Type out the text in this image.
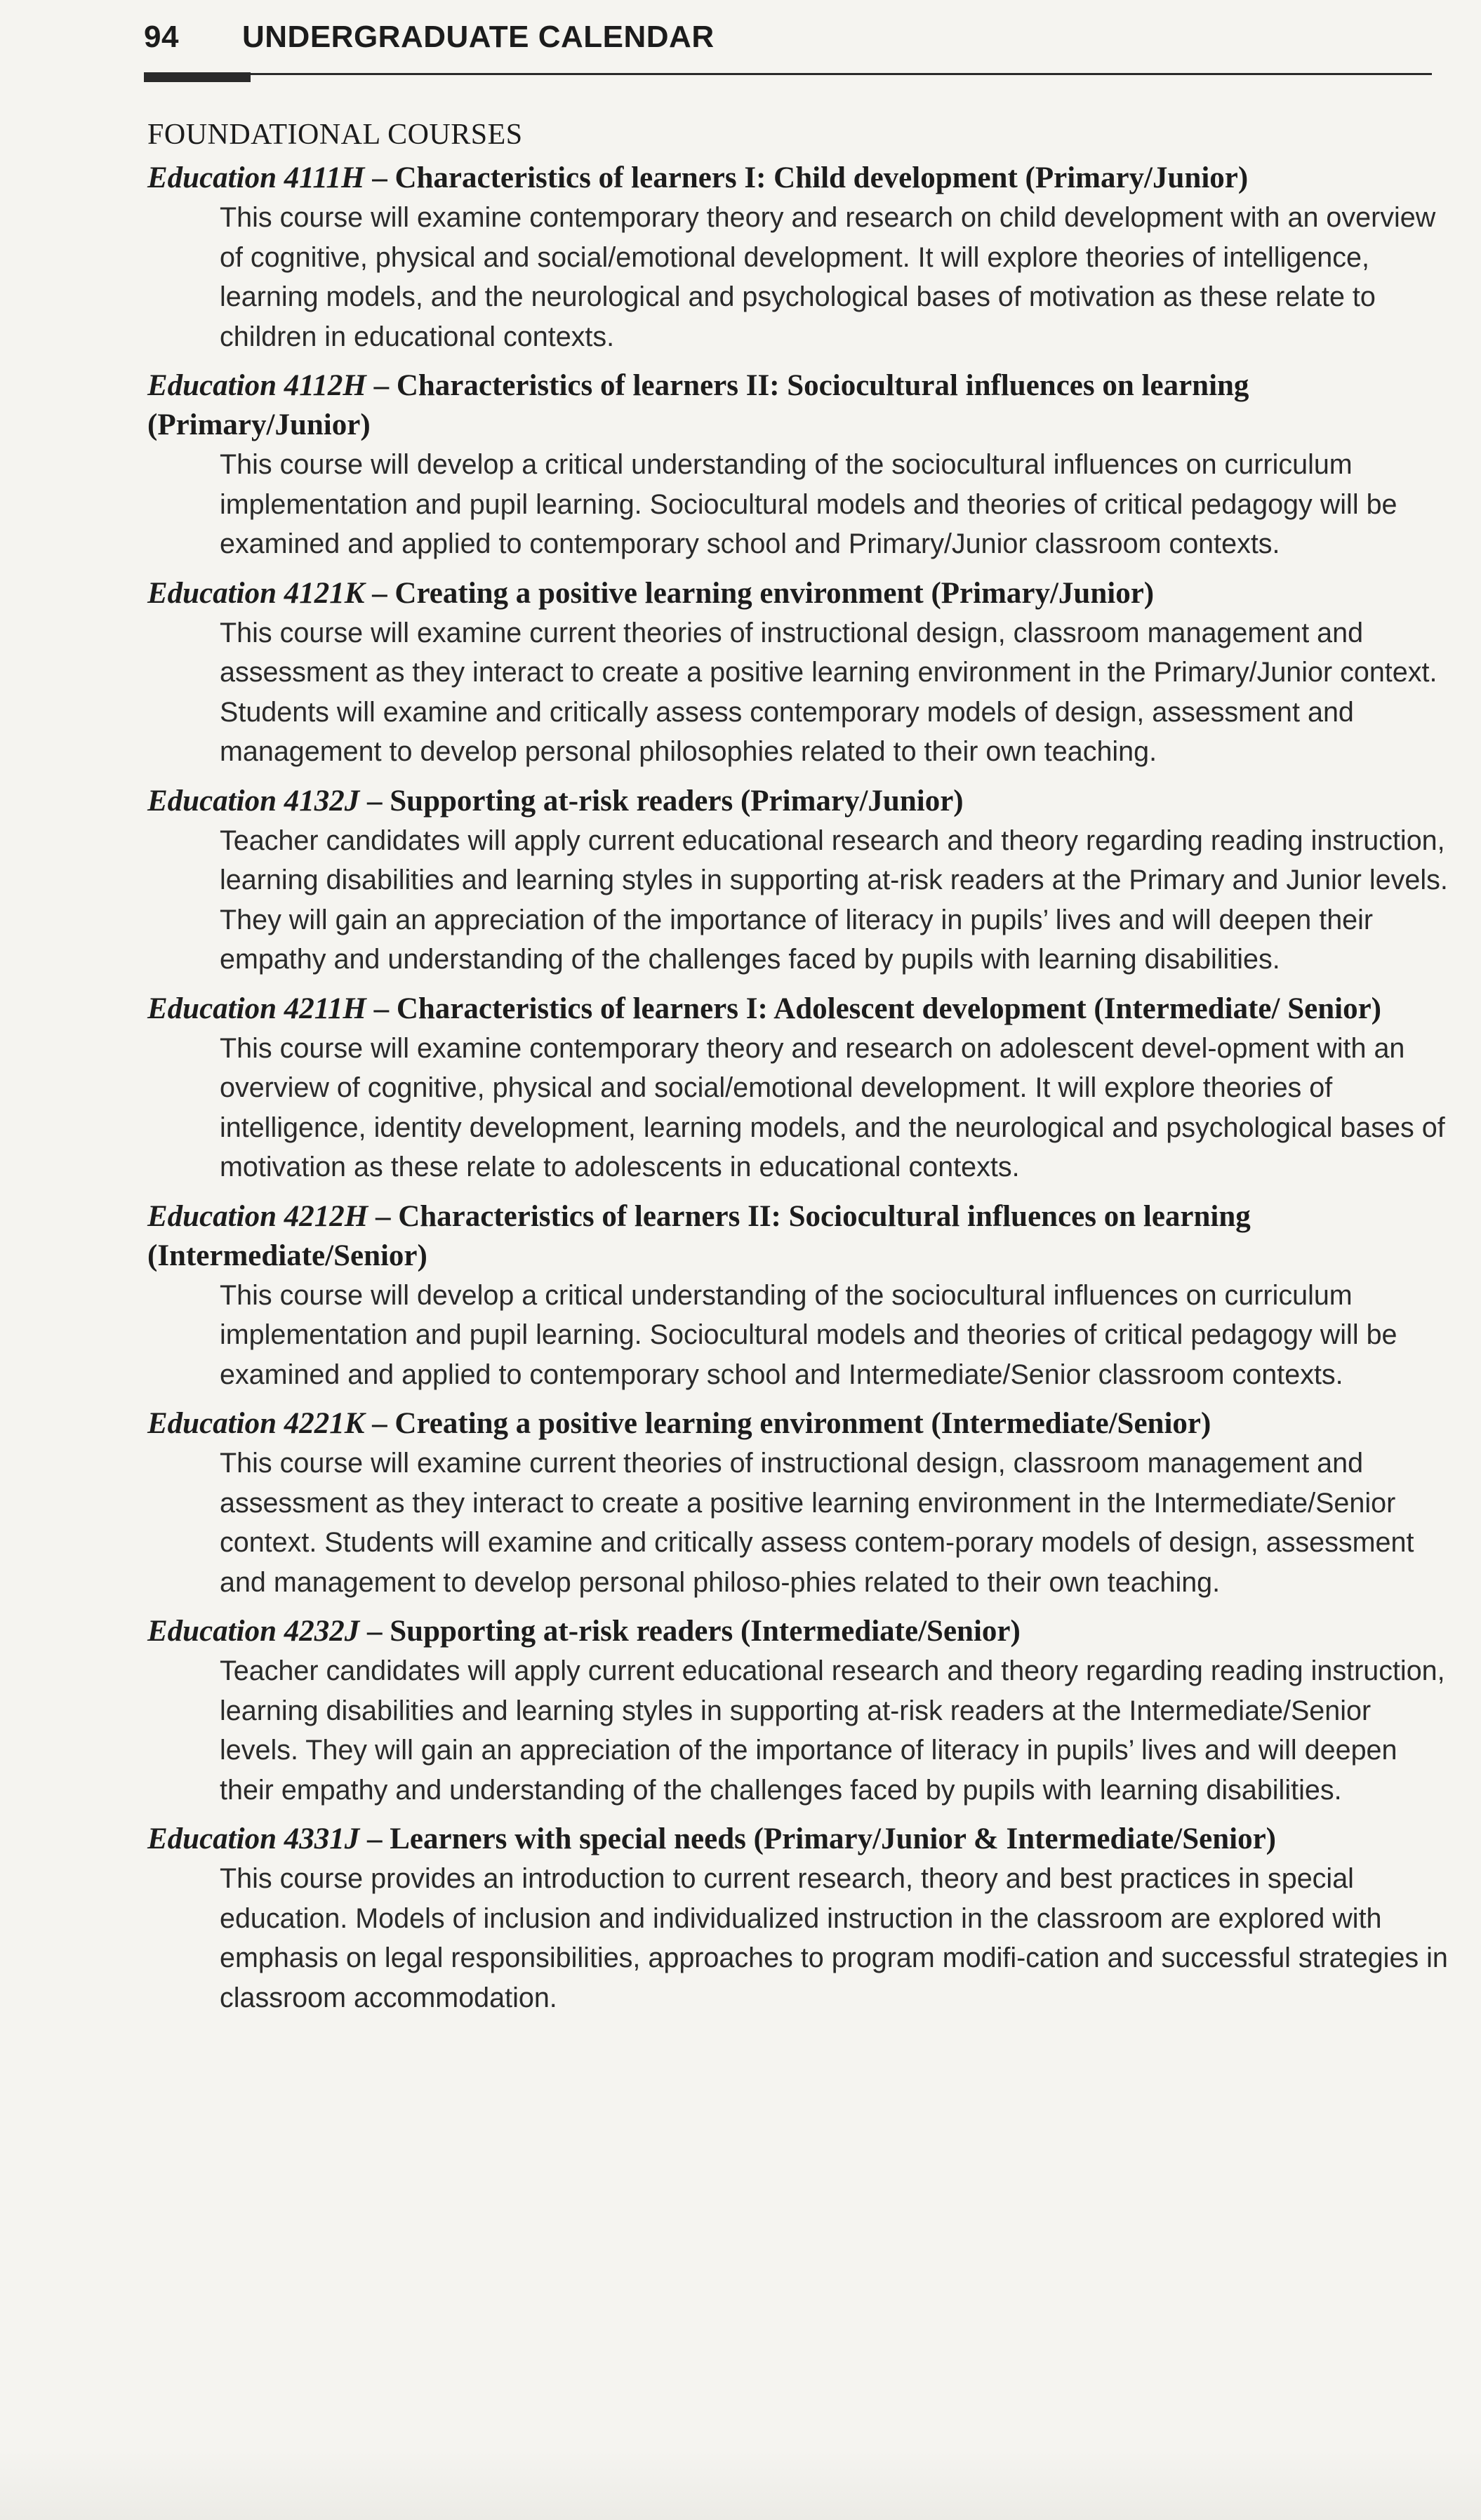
94	UNDERGRADUATE CALENDAR
FOUNDATIONAL COURSES
Education 4111H – Characteristics of learners I: Child development (Primary/Junior)
This course will examine contemporary theory and research on child development with an overview of cognitive, physical and social/emotional development. It will explore theories of intelligence, learning models, and the neurological and psychological bases of motivation as these relate to children in educational contexts.
Education 4112H – Characteristics of learners II: Sociocultural influences on learning (Primary/Junior)
This course will develop a critical understanding of the sociocultural influences on curriculum implementation and pupil learning. Sociocultural models and theories of critical pedagogy will be examined and applied to contemporary school and Primary/Junior classroom contexts.
Education 4121K – Creating a positive learning environment (Primary/Junior)
This course will examine current theories of instructional design, classroom management and assessment as they interact to create a positive learning environment in the Primary/Junior context. Students will examine and critically assess contemporary models of design, assessment and management to develop personal philosophies related to their own teaching.
Education 4132J – Supporting at-risk readers (Primary/Junior)
Teacher candidates will apply current educational research and theory regarding reading instruction, learning disabilities and learning styles in supporting at-risk readers at the Primary and Junior levels. They will gain an appreciation of the importance of literacy in pupils’ lives and will deepen their empathy and understanding of the challenges faced by pupils with learning disabilities.
Education 4211H – Characteristics of learners I: Adolescent development (Intermediate/ Senior)
This course will examine contemporary theory and research on adolescent devel-opment with an overview of cognitive, physical and social/emotional development. It will explore theories of intelligence, identity development, learning models, and the neurological and psychological bases of motivation as these relate to adolescents in educational contexts.
Education 4212H – Characteristics of learners II: Sociocultural influences on learning (Intermediate/Senior)
This course will develop a critical understanding of the sociocultural influences on curriculum implementation and pupil learning. Sociocultural models and theories of critical pedagogy will be examined and applied to contemporary school and Intermediate/Senior classroom contexts.
Education 4221K – Creating a positive learning environment (Intermediate/Senior)
This course will examine current theories of instructional design, classroom management and assessment as they interact to create a positive learning environment in the Intermediate/Senior context. Students will examine and critically assess contem-porary models of design, assessment and management to develop personal philoso-phies related to their own teaching.
Education 4232J – Supporting at-risk readers (Intermediate/Senior)
Teacher candidates will apply current educational research and theory regarding reading instruction, learning disabilities and learning styles in supporting at-risk readers at the Intermediate/Senior levels. They will gain an appreciation of the importance of literacy in pupils’ lives and will deepen their empathy and understanding of the challenges faced by pupils with learning disabilities.
Education 4331J – Learners with special needs (Primary/Junior & Intermediate/Senior)
This course provides an introduction to current research, theory and best practices in special education. Models of inclusion and individualized instruction in the classroom are explored with emphasis on legal responsibilities, approaches to program modifi-cation and successful strategies in classroom accommodation.
